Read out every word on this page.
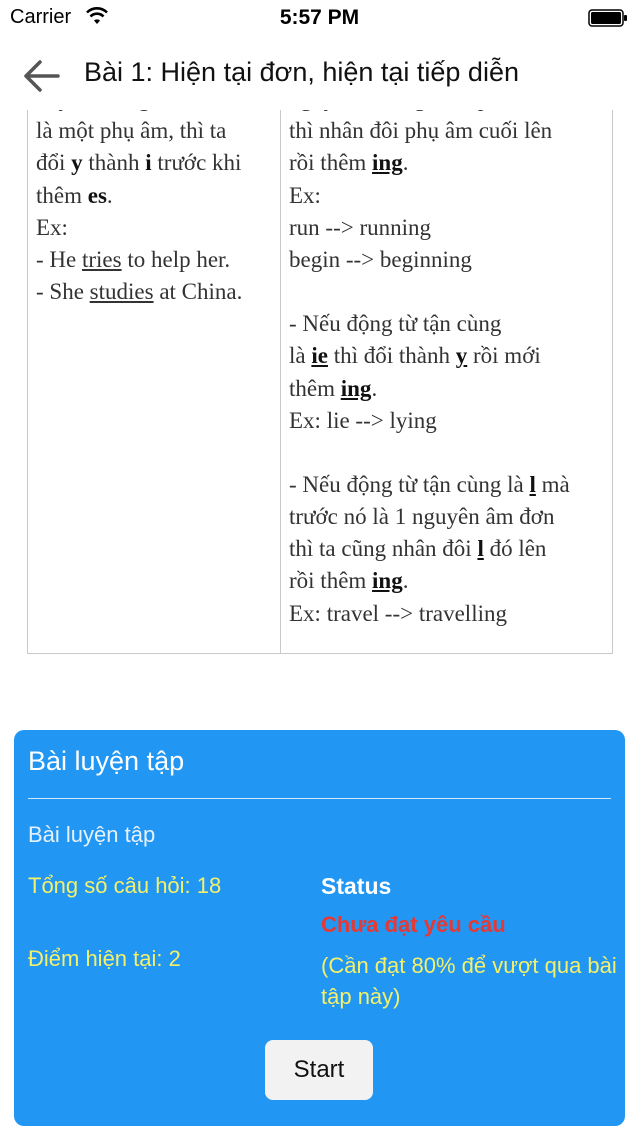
Carrier	5:57 PM
Bài 1: Hiện tại đơn, hiện tại tiếp diễn
là một phụ âm, thì ta
đổi y thành i trước khi
thêm es.
Ex:
- He tries to help her.
- She studies at China.
thì nhân đôi phụ âm cuối lên
rồi thêm ing.
Ex:
run --> running
begin --> beginning
- Nếu động từ tận cùng
là ie thì đổi thành y rồi mới
thêm ing.
Ex: lie --> lying
- Nếu động từ tận cùng là l mà
trước nó là 1 nguyên âm đơn
thì ta cũng nhân đôi l đó lên
rồi thêm ing.
Ex: travel --> travelling
Bài luyện tập
Bài luyện tập
Tổng số câu hỏi: 18
Điểm hiện tại: 2
Status
Chưa đạt yêu cầu
(Cần đạt 80% để vượt qua bài tập này)
Start
